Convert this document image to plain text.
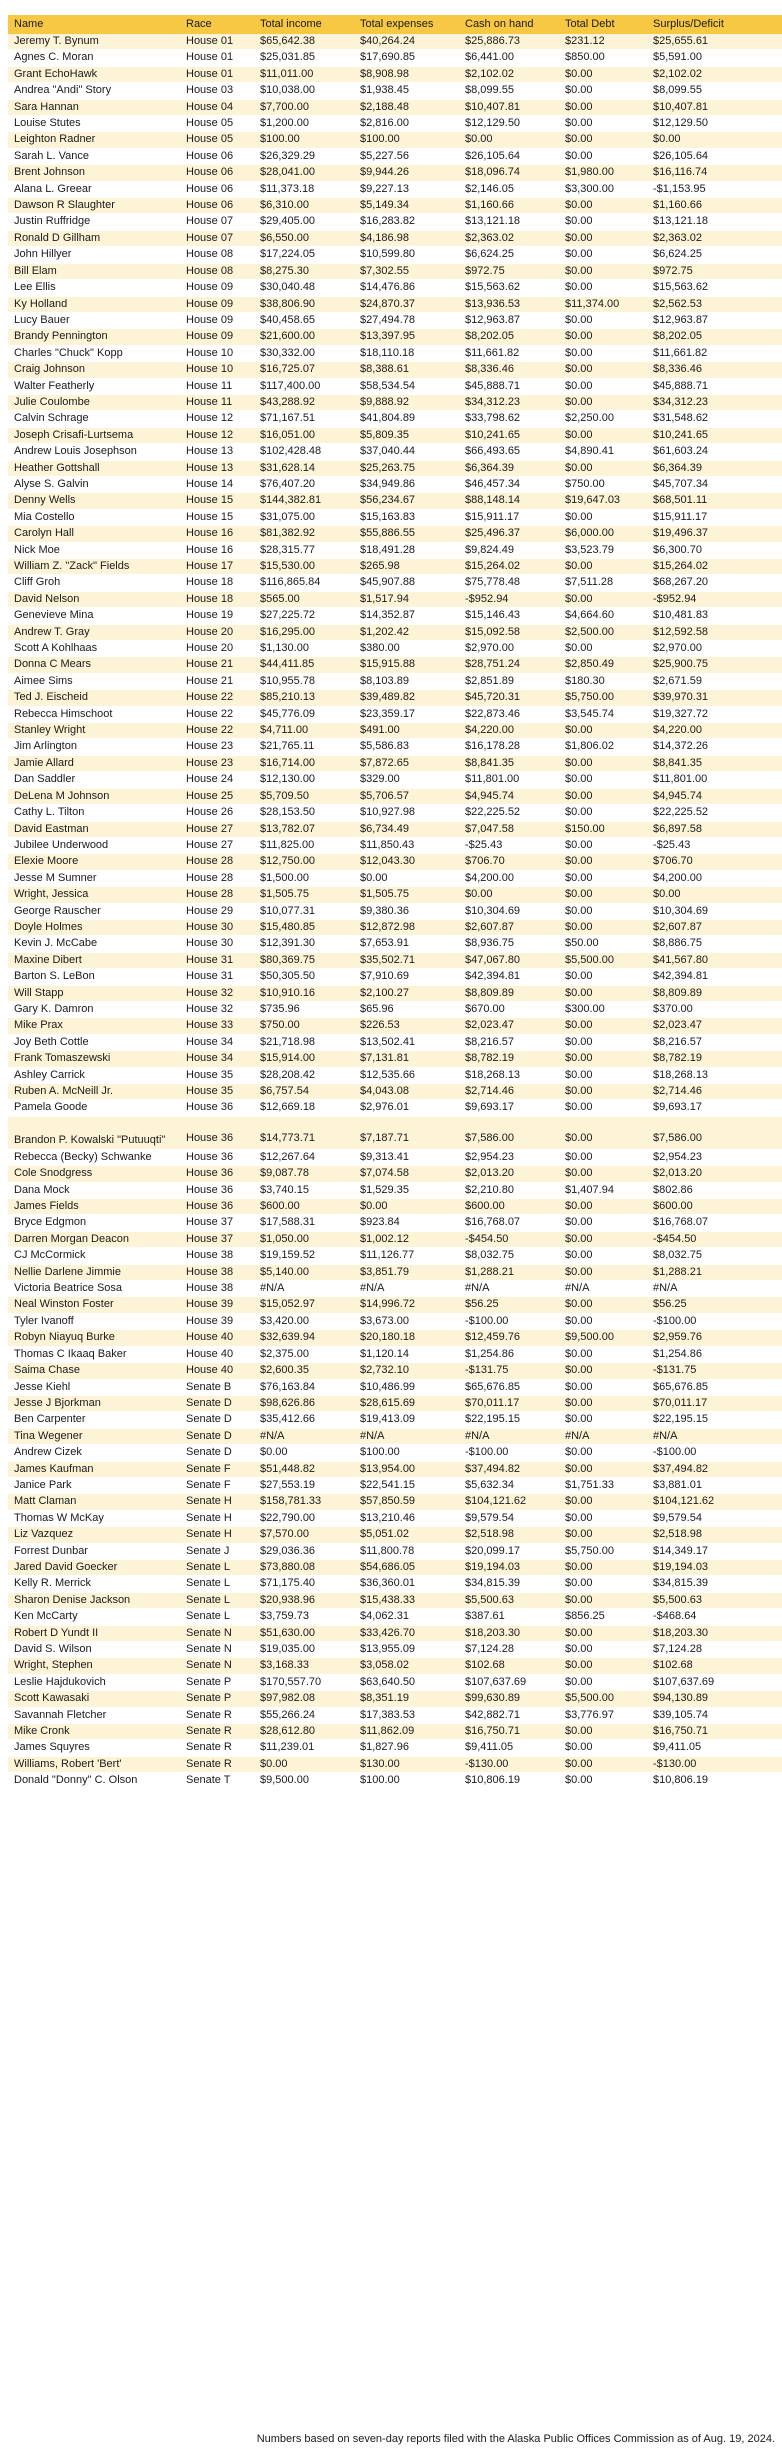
Name	Race	Total income	Total expenses	Cash on hand	Total Debt	Surplus/Deficit
Jeremy T. Bynum	House 01	$65,642.38	$40,264.24	$25,886.73	$231.12	$25,655.61
Agnes C. Moran	House 01	$25,031.85	$17,690.85	$6,441.00	$850.00	$5,591.00
Grant EchoHawk	House 01	$11,011.00	$8,908.98	$2,102.02	$0.00	$2,102.02
Andrea "Andi" Story	House 03	$10,038.00	$1,938.45	$8,099.55	$0.00	$8,099.55
Sara Hannan	House 04	$7,700.00	$2,188.48	$10,407.81	$0.00	$10,407.81
Louise Stutes	House 05	$1,200.00	$2,816.00	$12,129.50	$0.00	$12,129.50
Leighton Radner	House 05	$100.00	$100.00	$0.00	$0.00	$0.00
Sarah L. Vance	House 06	$26,329.29	$5,227.56	$26,105.64	$0.00	$26,105.64
Brent Johnson	House 06	$28,041.00	$9,944.26	$18,096.74	$1,980.00	$16,116.74
Alana L. Greear	House 06	$11,373.18	$9,227.13	$2,146.05	$3,300.00	-$1,153.95
Dawson R Slaughter	House 06	$6,310.00	$5,149.34	$1,160.66	$0.00	$1,160.66
Justin Ruffridge	House 07	$29,405.00	$16,283.82	$13,121.18	$0.00	$13,121.18
Ronald D Gillham	House 07	$6,550.00	$4,186.98	$2,363.02	$0.00	$2,363.02
John Hillyer	House 08	$17,224.05	$10,599.80	$6,624.25	$0.00	$6,624.25
Bill Elam	House 08	$8,275.30	$7,302.55	$972.75	$0.00	$972.75
Lee Ellis	House 09	$30,040.48	$14,476.86	$15,563.62	$0.00	$15,563.62
Ky Holland	House 09	$38,806.90	$24,870.37	$13,936.53	$11,374.00	$2,562.53
Lucy Bauer	House 09	$40,458.65	$27,494.78	$12,963.87	$0.00	$12,963.87
Brandy Pennington	House 09	$21,600.00	$13,397.95	$8,202.05	$0.00	$8,202.05
Charles "Chuck" Kopp	House 10	$30,332.00	$18,110.18	$11,661.82	$0.00	$11,661.82
Craig Johnson	House 10	$16,725.07	$8,388.61	$8,336.46	$0.00	$8,336.46
Walter Featherly	House 11	$117,400.00	$58,534.54	$45,888.71	$0.00	$45,888.71
Julie Coulombe	House 11	$43,288.92	$9,888.92	$34,312.23	$0.00	$34,312.23
Calvin Schrage	House 12	$71,167.51	$41,804.89	$33,798.62	$2,250.00	$31,548.62
Joseph Crisafi-Lurtsema	House 12	$16,051.00	$5,809.35	$10,241.65	$0.00	$10,241.65
Andrew Louis Josephson	House 13	$102,428.48	$37,040.44	$66,493.65	$4,890.41	$61,603.24
Heather Gottshall	House 13	$31,628.14	$25,263.75	$6,364.39	$0.00	$6,364.39
Alyse S. Galvin	House 14	$76,407.20	$34,949.86	$46,457.34	$750.00	$45,707.34
Denny Wells	House 15	$144,382.81	$56,234.67	$88,148.14	$19,647.03	$68,501.11
Mia Costello	House 15	$31,075.00	$15,163.83	$15,911.17	$0.00	$15,911.17
Carolyn Hall	House 16	$81,382.92	$55,886.55	$25,496.37	$6,000.00	$19,496.37
Nick Moe	House 16	$28,315.77	$18,491.28	$9,824.49	$3,523.79	$6,300.70
William Z. "Zack" Fields	House 17	$15,530.00	$265.98	$15,264.02	$0.00	$15,264.02
Cliff Groh	House 18	$116,865.84	$45,907.88	$75,778.48	$7,511.28	$68,267.20
David Nelson	House 18	$565.00	$1,517.94	-$952.94	$0.00	-$952.94
Genevieve Mina	House 19	$27,225.72	$14,352.87	$15,146.43	$4,664.60	$10,481.83
Andrew T. Gray	House 20	$16,295.00	$1,202.42	$15,092.58	$2,500.00	$12,592.58
Scott A Kohlhaas	House 20	$1,130.00	$380.00	$2,970.00	$0.00	$2,970.00
Donna C Mears	House 21	$44,411.85	$15,915.88	$28,751.24	$2,850.49	$25,900.75
Aimee Sims	House 21	$10,955.78	$8,103.89	$2,851.89	$180.30	$2,671.59
Ted J. Eischeid	House 22	$85,210.13	$39,489.82	$45,720.31	$5,750.00	$39,970.31
Rebecca Himschoot	House 22	$45,776.09	$23,359.17	$22,873.46	$3,545.74	$19,327.72
Stanley Wright	House 22	$4,711.00	$491.00	$4,220.00	$0.00	$4,220.00
Jim Arlington	House 23	$21,765.11	$5,586.83	$16,178.28	$1,806.02	$14,372.26
Jamie Allard	House 23	$16,714.00	$7,872.65	$8,841.35	$0.00	$8,841.35
Dan Saddler	House 24	$12,130.00	$329.00	$11,801.00	$0.00	$11,801.00
DeLena M Johnson	House 25	$5,709.50	$5,706.57	$4,945.74	$0.00	$4,945.74
Cathy L. Tilton	House 26	$28,153.50	$10,927.98	$22,225.52	$0.00	$22,225.52
David Eastman	House 27	$13,782.07	$6,734.49	$7,047.58	$150.00	$6,897.58
Jubilee Underwood	House 27	$11,825.00	$11,850.43	-$25.43	$0.00	-$25.43
Elexie Moore	House 28	$12,750.00	$12,043.30	$706.70	$0.00	$706.70
Jesse M Sumner	House 28	$1,500.00	$0.00	$4,200.00	$0.00	$4,200.00
Wright, Jessica	House 28	$1,505.75	$1,505.75	$0.00	$0.00	$0.00
George Rauscher	House 29	$10,077.31	$9,380.36	$10,304.69	$0.00	$10,304.69
Doyle Holmes	House 30	$15,480.85	$12,872.98	$2,607.87	$0.00	$2,607.87
Kevin J. McCabe	House 30	$12,391.30	$7,653.91	$8,936.75	$50.00	$8,886.75
Maxine Dibert	House 31	$80,369.75	$35,502.71	$47,067.80	$5,500.00	$41,567.80
Barton S. LeBon	House 31	$50,305.50	$7,910.69	$42,394.81	$0.00	$42,394.81
Will Stapp	House 32	$10,910.16	$2,100.27	$8,809.89	$0.00	$8,809.89
Gary K. Damron	House 32	$735.96	$65.96	$670.00	$300.00	$370.00
Mike Prax	House 33	$750.00	$226.53	$2,023.47	$0.00	$2,023.47
Joy Beth Cottle	House 34	$21,718.98	$13,502.41	$8,216.57	$0.00	$8,216.57
Frank Tomaszewski	House 34	$15,914.00	$7,131.81	$8,782.19	$0.00	$8,782.19
Ashley Carrick	House 35	$28,208.42	$12,535.66	$18,268.13	$0.00	$18,268.13
Ruben A. McNeill Jr.	House 35	$6,757.54	$4,043.08	$2,714.46	$0.00	$2,714.46
Pamela Goode	House 36	$12,669.18	$2,976.01	$9,693.17	$0.00	$9,693.17
Brandon P. Kowalski "Putuuqti"	House 36	$14,773.71	$7,187.71	$7,586.00	$0.00	$7,586.00
Rebecca (Becky) Schwanke	House 36	$12,267.64	$9,313.41	$2,954.23	$0.00	$2,954.23
Cole Snodgress	House 36	$9,087.78	$7,074.58	$2,013.20	$0.00	$2,013.20
Dana Mock	House 36	$3,740.15	$1,529.35	$2,210.80	$1,407.94	$802.86
James Fields	House 36	$600.00	$0.00	$600.00	$0.00	$600.00
Bryce Edgmon	House 37	$17,588.31	$923.84	$16,768.07	$0.00	$16,768.07
Darren Morgan Deacon	House 37	$1,050.00	$1,002.12	-$454.50	$0.00	-$454.50
CJ McCormick	House 38	$19,159.52	$11,126.77	$8,032.75	$0.00	$8,032.75
Nellie Darlene Jimmie	House 38	$5,140.00	$3,851.79	$1,288.21	$0.00	$1,288.21
Victoria Beatrice Sosa	House 38	#N/A	#N/A	#N/A	#N/A	#N/A
Neal Winston Foster	House 39	$15,052.97	$14,996.72	$56.25	$0.00	$56.25
Tyler Ivanoff	House 39	$3,420.00	$3,673.00	-$100.00	$0.00	-$100.00
Robyn Niayuq Burke	House 40	$32,639.94	$20,180.18	$12,459.76	$9,500.00	$2,959.76
Thomas C Ikaaq Baker	House 40	$2,375.00	$1,120.14	$1,254.86	$0.00	$1,254.86
Saima Chase	House 40	$2,600.35	$2,732.10	-$131.75	$0.00	-$131.75
Jesse Kiehl	Senate B	$76,163.84	$10,486.99	$65,676.85	$0.00	$65,676.85
Jesse J Bjorkman	Senate D	$98,626.86	$28,615.69	$70,011.17	$0.00	$70,011.17
Ben Carpenter	Senate D	$35,412.66	$19,413.09	$22,195.15	$0.00	$22,195.15
Tina Wegener	Senate D	#N/A	#N/A	#N/A	#N/A	#N/A
Andrew Cizek	Senate D	$0.00	$100.00	-$100.00	$0.00	-$100.00
James Kaufman	Senate F	$51,448.82	$13,954.00	$37,494.82	$0.00	$37,494.82
Janice Park	Senate F	$27,553.19	$22,541.15	$5,632.34	$1,751.33	$3,881.01
Matt Claman	Senate H	$158,781.33	$57,850.59	$104,121.62	$0.00	$104,121.62
Thomas W McKay	Senate H	$22,790.00	$13,210.46	$9,579.54	$0.00	$9,579.54
Liz Vazquez	Senate H	$7,570.00	$5,051.02	$2,518.98	$0.00	$2,518.98
Forrest Dunbar	Senate J	$29,036.36	$11,800.78	$20,099.17	$5,750.00	$14,349.17
Jared David Goecker	Senate L	$73,880.08	$54,686.05	$19,194.03	$0.00	$19,194.03
Kelly R. Merrick	Senate L	$71,175.40	$36,360.01	$34,815.39	$0.00	$34,815.39
Sharon Denise Jackson	Senate L	$20,938.96	$15,438.33	$5,500.63	$0.00	$5,500.63
Ken McCarty	Senate L	$3,759.73	$4,062.31	$387.61	$856.25	-$468.64
Robert D Yundt II	Senate N	$51,630.00	$33,426.70	$18,203.30	$0.00	$18,203.30
David S. Wilson	Senate N	$19,035.00	$13,955.09	$7,124.28	$0.00	$7,124.28
Wright, Stephen	Senate N	$3,168.33	$3,058.02	$102.68	$0.00	$102.68
Leslie Hajdukovich	Senate P	$170,557.70	$63,640.50	$107,637.69	$0.00	$107,637.69
Scott Kawasaki	Senate P	$97,982.08	$8,351.19	$99,630.89	$5,500.00	$94,130.89
Savannah Fletcher	Senate R	$55,266.24	$17,383.53	$42,882.71	$3,776.97	$39,105.74
Mike Cronk	Senate R	$28,612.80	$11,862.09	$16,750.71	$0.00	$16,750.71
James Squyres	Senate R	$11,239.01	$1,827.96	$9,411.05	$0.00	$9,411.05
Williams, Robert 'Bert'	Senate R	$0.00	$130.00	-$130.00	$0.00	-$130.00
Donald "Donny" C. Olson	Senate T	$9,500.00	$100.00	$10,806.19	$0.00	$10,806.19
Numbers based on seven-day reports filed with the Alaska Public Offices Commission as of Aug. 19, 2024.
